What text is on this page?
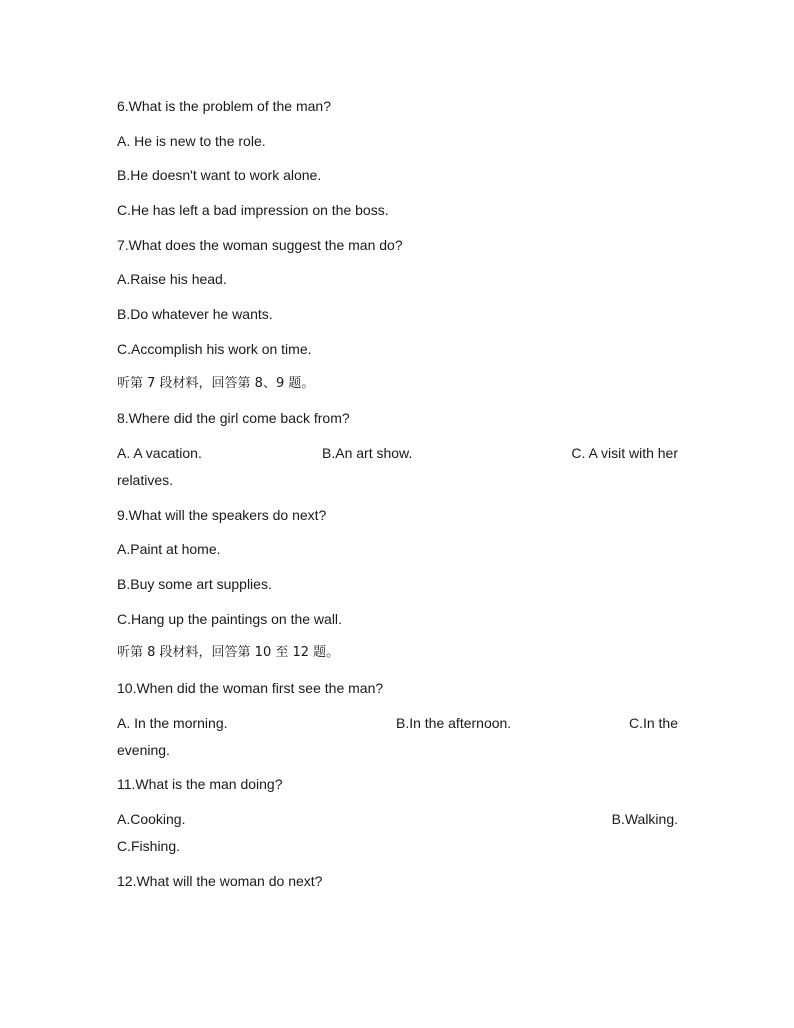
6.What is the problem of the man?
A. He is new to the role.
B.He doesn't want to work alone.
C.He has left a bad impression on the boss.
7.What does the woman suggest the man do?
A.Raise his head.
B.Do whatever he wants.
C.Accomplish his work on time.
听第 7 段材料，回答第 8、9 题。
8.Where did the girl come back from?
A. A vacation.	B.An art show.	C. A visit with her
relatives.
9.What will the speakers do next?
A.Paint at home.
B.Buy some art supplies.
C.Hang up the paintings on the wall.
听第 8 段材料，回答第 10 至 12 题。
10.When did the woman first see the man?
A. In the morning.	B.In the afternoon.	C.In the
evening.
11.What is the man doing?
A.Cooking.	B.Walking.
C.Fishing.
12.What will the woman do next?
